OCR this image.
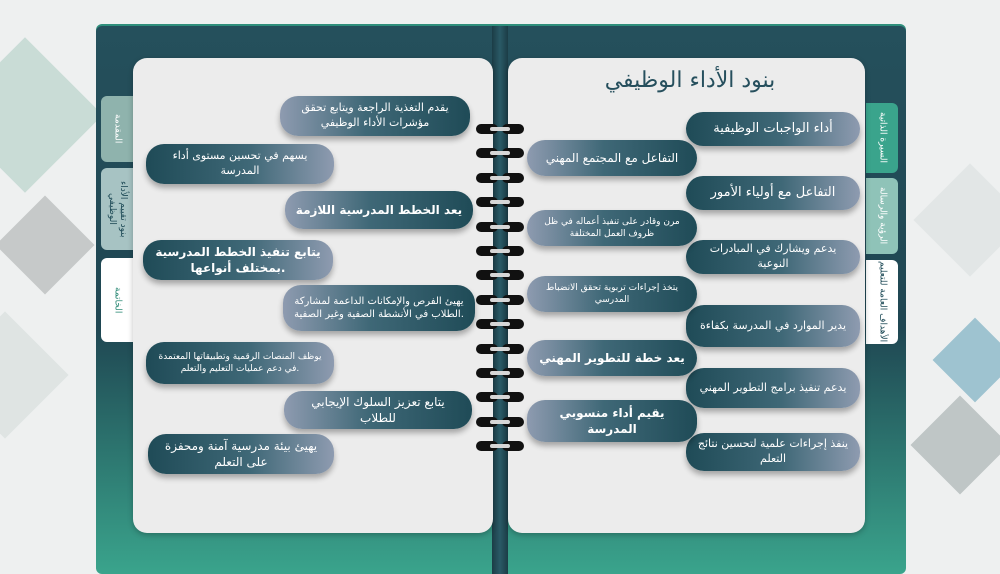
المقدمة
بنود تقييم الأداء الوظيفي
الخاتمة
السيرة الذاتية
الرؤية والرسالة
الأهداف العامة للتعليم
بنود الأداء الوظيفي
أداء الواجبات الوظيفية
التفاعل مع أولياء الأمور
يدعم ويشارك في المبادرات النوعية
يدير الموارد في المدرسة بكفاءة
يدعم تنفيذ برامج التطوير المهني
ينفذ إجراءات علمية لتحسين نتائج التعلم
التفاعل مع المجتمع المهني
مرن وقادر على تنفيذ أعماله في ظل ظروف العمل المختلفة
يتخذ إجراءات تربوية تحقق الانضباط المدرسي
يعد خطة للتطوير المهني
يقيم أداء منسوبي المدرسة
يقدم التغذية الراجعة ويتابع تحقق مؤشرات الأداء الوظيفي
يسهم في تحسين مستوى أداء المدرسة
يعد الخطط المدرسية اللازمة
يتابع تنفيذ الخطط المدرسية بمختلف أنواعها.
يهيئ الفرص والإمكانات الداعمة لمشاركة الطلاب في الأنشطة الصفية وغير الصفية.
يوظف المنصات الرقمية وتطبيقاتها المعتمدة في دعم عمليات التعليم والتعلم.
يتابع تعزيز السلوك الإيجابي للطلاب
يهيئ بيئة مدرسية آمنة ومحفزة على التعلم
